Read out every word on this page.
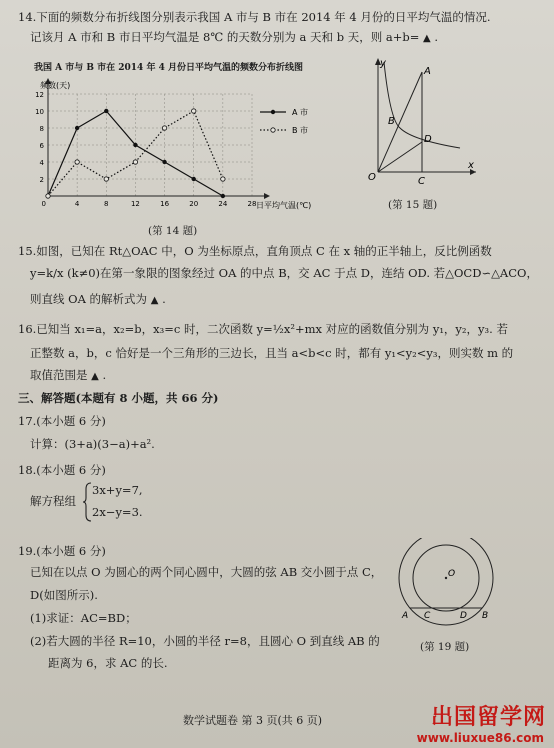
14.下面的频数分布折线图分别表示我国 A 市与 B 市在 2014 年 4 月份的日平均气温的情况.
记该月 A 市和 B 市日平均气温是 8℃ 的天数分别为 a 天和 b 天，则 a+b= ▲ .
我国 A 市与 B 市在 2014 年 4 月份日平均气温的频数分布折线图
2
4
6
8
10
12
4	8	12	16	20	24	28
0
频数(天)
日平均气温(℃)
A 市
B 市
(第 14 题)
y
x
O
A
B
C
D
(第 15 题)
15.如图，已知在 Rt△OAC 中，O 为坐标原点，直角顶点 C 在 x 轴的正半轴上，反比例函数
y=k/x (k≠0)在第一象限的图象经过 OA 的中点 B，交 AC 于点 D，连结 OD. 若△OCD∽△ACO，
则直线 OA 的解析式为 ▲ .
16.已知当 x₁=a，x₂=b，x₃=c 时，二次函数 y=½x²+mx 对应的函数值分别为 y₁，y₂，y₃. 若
正整数 a，b，c 恰好是一个三角形的三边长，且当 a<b<c 时，都有 y₁<y₂<y₃，则实数 m 的
取值范围是 ▲ .
三、解答题(本题有 8 小题，共 66 分)
17.(本小题 6 分)
计算：(3+a)(3−a)+a².
18.(本小题 6 分)
解方程组
3x+y=7,
2x−y=3.
19.(本小题 6 分)
已知在以点 O 为圆心的两个同心圆中，大圆的弦 AB 交小圆于点 C，
D(如图所示).
(1)求证：AC=BD；
(2)若大圆的半径 R=10，小圆的半径 r=8，且圆心 O 到直线 AB 的
距离为 6，求 AC 的长.
O
A C	D B
(第 19 题)
数学试题卷 第 3 页(共 6 页)	出国留学网
www.liuxue86.com
